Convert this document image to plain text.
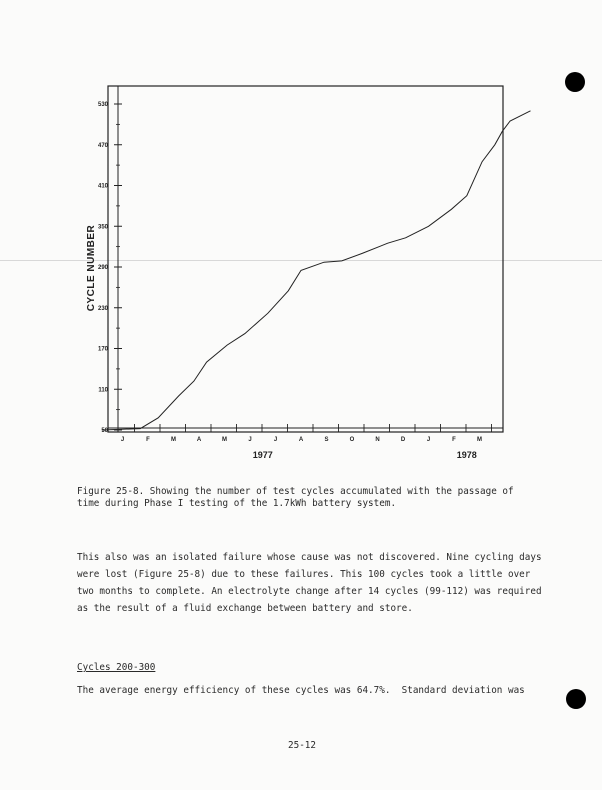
50
110
170
230
290
350
410
470
530
J	F	M	A	M	J	J	A	S	O	N	D	J	F	M
1977	1978
CYCLE NUMBER
Figure 25-8. Showing the number of test cycles accumulated with the passage of
time during Phase I testing of the 1.7kWh battery system.
This also was an isolated failure whose cause was not discovered. Nine cycling days
were lost (Figure 25-8) due to these failures. This 100 cycles took a little over
two months to complete. An electrolyte change after 14 cycles (99-112) was required
as the result of a fluid exchange between battery and store.
Cycles 200-300
The average energy efficiency of these cycles was 64.7%.  Standard deviation was
25-12
